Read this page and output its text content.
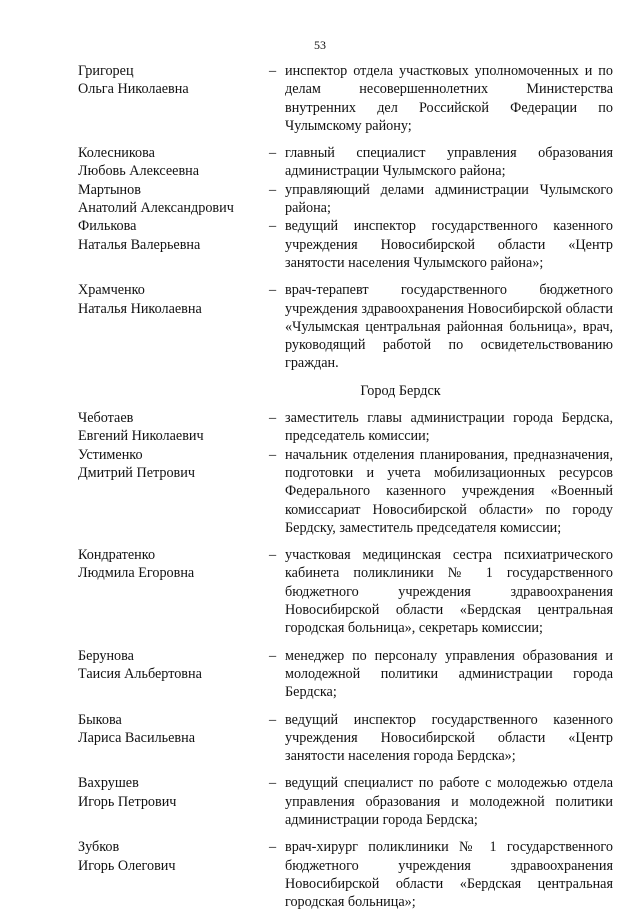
53
Григорец
Ольга Николаевна
– инспектор отдела участковых уполномоченных и по делам несовершеннолетних Министерства внутренних дел Российской Федерации по Чулымскому району;
Колесникова
Любовь Алексеевна
– главный специалист управления образования администрации Чулымского района;
Мартынов
Анатолий Александрович
– управляющий делами администрации Чулымского района;
Филькова
Наталья Валерьевна
– ведущий инспектор государственного казенного учреждения Новосибирской области «Центр занятости населения Чулымского района»;
Храмченко
Наталья Николаевна
– врач-терапевт государственного бюджетного учреждения здравоохранения Новосибирской области «Чулымская центральная районная больница», врач, руководящий работой по освидетельствованию граждан.
Город Бердск
Чеботаев
Евгений Николаевич
– заместитель главы администрации города Бердска, председатель комиссии;
Устименко
Дмитрий Петрович
– начальник отделения планирования, предназначения, подготовки и учета мобилизационных ресурсов Федерального казенного учреждения «Военный комиссариат Новосибирской области» по городу Бердску, заместитель председателя комиссии;
Кондратенко
Людмила Егоровна
– участковая медицинская сестра психиатрического кабинета поликлиники № 1 государственного бюджетного учреждения здравоохранения Новосибирской области «Бердская центральная городская больница», секретарь комиссии;
Берунова
Таисия Альбертовна
– менеджер по персоналу управления образования и молодежной политики администрации города Бердска;
Быкова
Лариса Васильевна
– ведущий инспектор государственного казенного учреждения Новосибирской области «Центр занятости населения города Бердска»;
Вахрушев
Игорь Петрович
– ведущий специалист по работе с молодежью отдела управления образования и молодежной политики администрации города Бердска;
Зубков
Игорь Олегович
– врач-хирург поликлиники № 1 государственного бюджетного учреждения здравоохранения Новосибирской области «Бердская центральная городская больница»;
